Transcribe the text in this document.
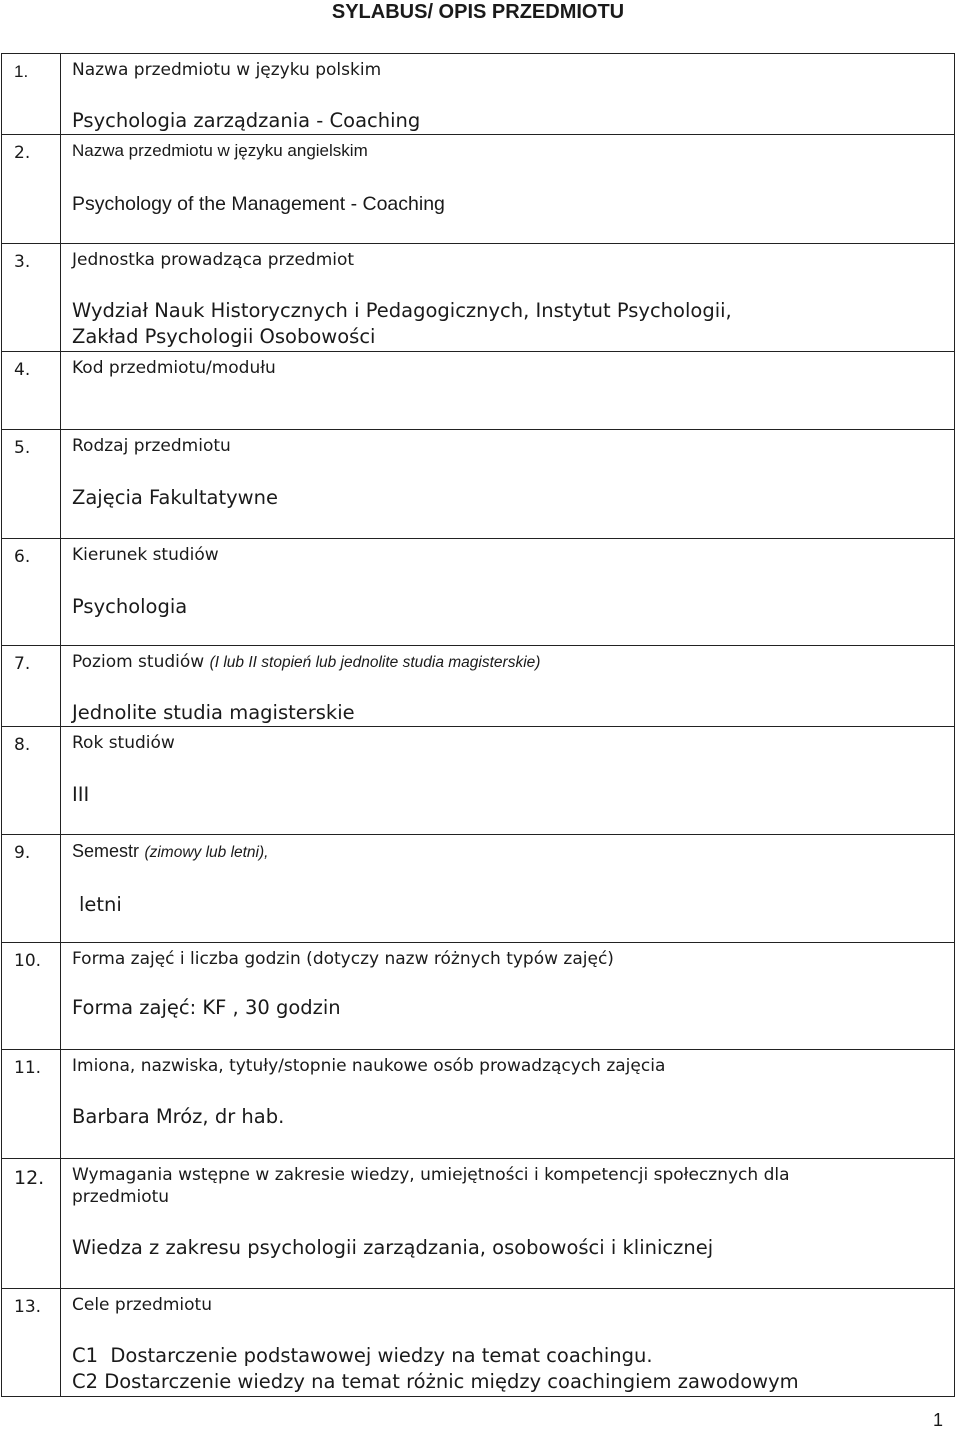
SYLABUS/ OPIS PRZEDMIOTU
1.	Nazwa przedmiotu w języku polskim
Psychologia zarządzania - Coaching

2.	Nazwa przedmiotu w języku angielskim
Psychology of the Management - Coaching

3.	Jednostka prowadząca przedmiot
Wydział Nauk Historycznych i Pedagogicznych, Instytut Psychologii,
Zakład Psychologii Osobowości

4.	Kod przedmiotu/modułu

5.	Rodzaj przedmiotu
Zajęcia Fakultatywne

6.	Kierunek studiów
Psychologia

7.	Poziom studiów (I lub II stopień lub jednolite studia magisterskie)
Jednolite studia magisterskie

8.	Rok studiów
III

9.	Semestr (zimowy lub letni),
letni

10.	Forma zajęć i liczba godzin (dotyczy nazw różnych typów zajęć)
Forma zajęć: KF , 30 godzin

11.	Imiona, nazwiska, tytuły/stopnie naukowe osób prowadzących zajęcia
Barbara Mróz, dr hab.

12.	Wymagania wstępne w zakresie wiedzy, umiejętności i kompetencji społecznych dla
przedmiotu
Wiedza z zakresu psychologii zarządzania, osobowości i klinicznej

13.	Cele przedmiotu
C1  Dostarczenie podstawowej wiedzy na temat coachingu.
C2 Dostarczenie wiedzy na temat różnic między coachingiem zawodowym
1
